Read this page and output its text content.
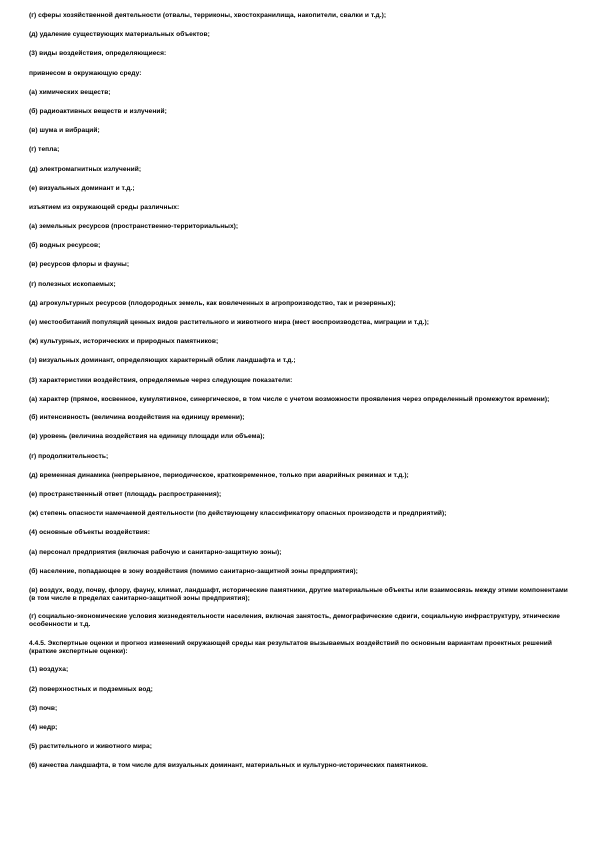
(г) сферы хозяйственной деятельности (отвалы, терриконы, хвостохранилища, накопители, свалки и т.д.);

(д) удаление существующих материальных объектов;

(3) виды воздействия, определяющиеся:

привнесом в окружающую среду:

(а) химических веществ;

(б) радиоактивных веществ и излучений;

(в) шума и вибраций;

(г) тепла;

(д) электромагнитных излучений;

(е) визуальных доминант и т.д.;

изъятием из окружающей среды различных:

(а) земельных ресурсов (пространственно-территориальных);

(б) водных ресурсов;

(в) ресурсов флоры и фауны;

(г) полезных ископаемых;

(д) агрокультурных ресурсов (плодородных земель, как вовлеченных в агропроизводство, так и резервных);

(е) местообитаний популяций ценных видов растительного и животного мира (мест воспроизводства, миграции и т.д.);

(ж) культурных, исторических и природных памятников;

(з) визуальных доминант, определяющих характерный облик ландшафта и т.д.;

(3) характеристики воздействия, определяемые через следующие показатели:

(а) характер (прямое, косвенное, кумулятивное, синергическое, в том числе с учетом возможности проявления через определенный промежуток времени);

(б) интенсивность (величина воздействия на единицу времени);

(в) уровень (величина воздействия на единицу площади или объема);

(г) продолжительность;

(д) временная динамика (непрерывное, периодическое, кратковременное, только при аварийных режимах и т.д.);

(е) пространственный ответ (площадь распространения);

(ж) степень опасности намечаемой деятельности (по действующему классификатору опасных производств и предприятий);

(4) основные объекты воздействия:

(а) персонал предприятия (включая рабочую и санитарно-защитную зоны);

(б) население, попадающее в зону воздействия (помимо санитарно-защитной зоны предприятия);

(в) воздух, воду, почву, флору, фауну, климат, ландшафт, исторические памятники, другие материальные объекты или взаимосвязь между этими компонентами (в том числе в пределах санитарно-защитной зоны предприятия);

(г) социально-экономические условия жизнедеятельности населения, включая занятость, демографические сдвиги, социальную инфраструктуру, этнические особенности и т.д.

4.4.5. Экспертные оценки и прогноз изменений окружающей среды как результатов вызываемых воздействий по основным вариантам проектных решений (краткие экспертные оценки):

(1) воздуха;

(2) поверхностных и подземных вод;

(3) почв;

(4) недр;

(5) растительного и животного мира;

(6) качества ландшафта, в том числе для визуальных доминант, материальных и культурно-исторических памятников.
